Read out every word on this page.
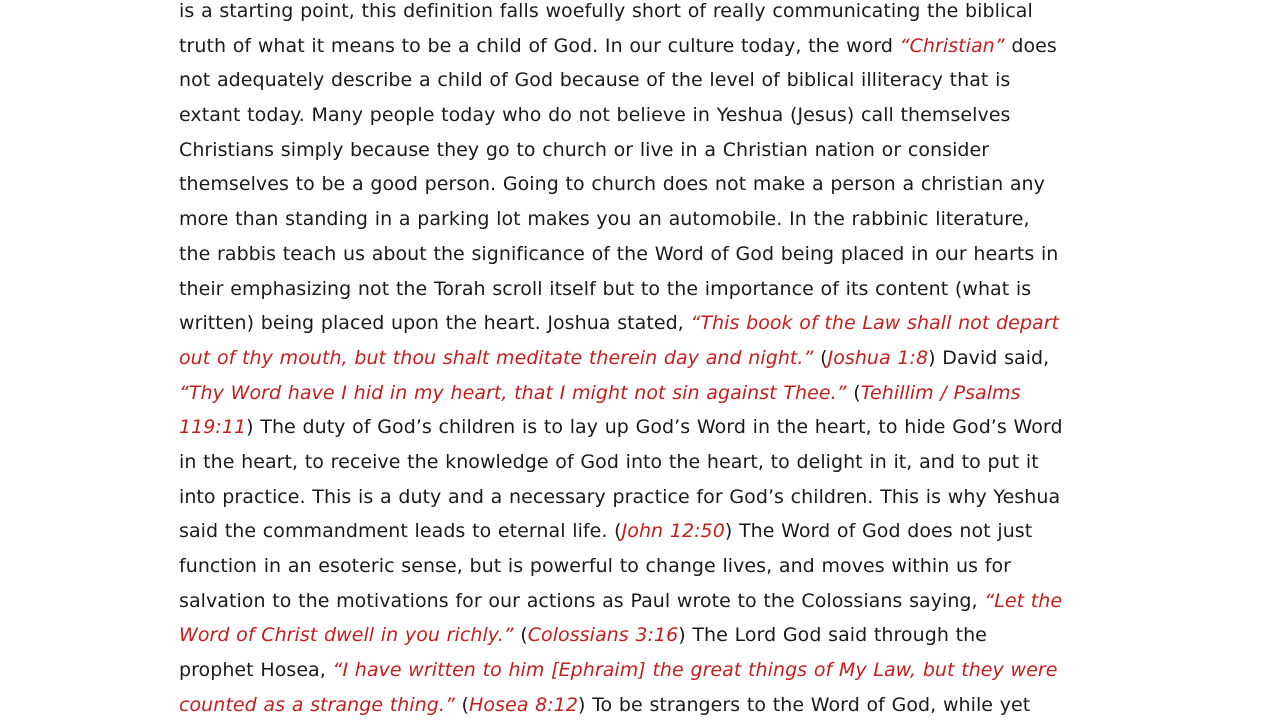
is a starting point, this definition falls woefully short of really communicating the biblical
truth of what it means to be a child of God. In our culture today, the word “Christian” does
not adequately describe a child of God because of the level of biblical illiteracy that is
extant today. Many people today who do not believe in Yeshua (Jesus) call themselves
Christians simply because they go to church or live in a Christian nation or consider
themselves to be a good person. Going to church does not make a person a christian any
more than standing in a parking lot makes you an automobile. In the rabbinic literature,
the rabbis teach us about the significance of the Word of God being placed in our hearts in
their emphasizing not the Torah scroll itself but to the importance of its content (what is
written) being placed upon the heart. Joshua stated, “This book of the Law shall not depart
out of thy mouth, but thou shalt meditate therein day and night.” (Joshua 1:8) David said,
“Thy Word have I hid in my heart, that I might not sin against Thee.” (Tehillim / Psalms
119:11) The duty of God’s children is to lay up God’s Word in the heart, to hide God’s Word
in the heart, to receive the knowledge of God into the heart, to delight in it, and to put it
into practice. This is a duty and a necessary practice for God’s children. This is why Yeshua
said the commandment leads to eternal life. (John 12:50) The Word of God does not just
function in an esoteric sense, but is powerful to change lives, and moves within us for
salvation to the motivations for our actions as Paul wrote to the Colossians saying, “Let the
Word of Christ dwell in you richly.” (Colossians 3:16) The Lord God said through the
prophet Hosea, “I have written to him [Ephraim] the great things of My Law, but they were
counted as a strange thing.” (Hosea 8:12) To be strangers to the Word of God, while yet
